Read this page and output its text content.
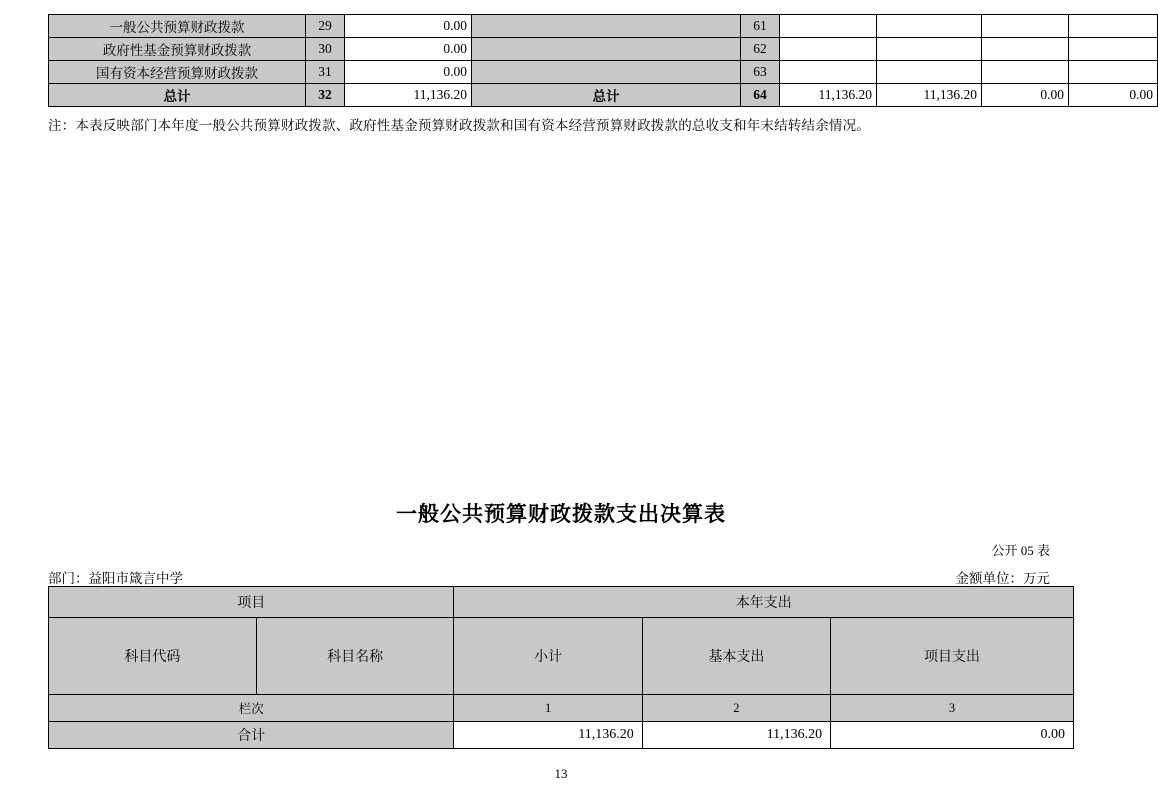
一般公共预算财政拨款	29	0.00		61				
政府性基金预算财政拨款	30	0.00		62				
国有资本经营预算财政拨款	31	0.00		63				
总计	32	11,136.20	总计	64	11,136.20	11,136.20	0.00	0.00
注：本表反映部门本年度一般公共预算财政拨款、政府性基金预算财政拨款和国有资本经营预算财政拨款的总收支和年末结转结余情况。
一般公共预算财政拨款支出决算表
公开 05 表
部门：益阳市箴言中学	金额单位：万元
项目		本年支出		
科目代码	科目名称	小计	基本支出	项目支出
栏次		1	2	3
合计		11,136.20	11,136.20	0.00
13
